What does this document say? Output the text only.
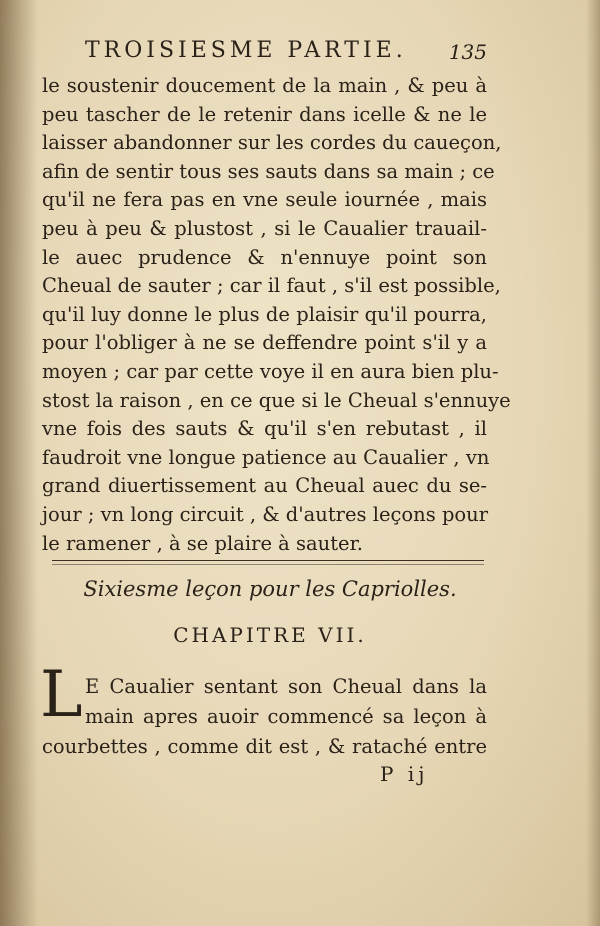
TROISIESME PARTIE. 135
le soustenir doucement de la main , & peu à
peu tascher de le retenir dans icelle & ne le
laisser abandonner sur les cordes du caueçon,
afin de sentir tous ses sauts dans sa main ; ce
qu'il ne fera pas en vne seule iournée , mais
peu à peu & plustost , si le Caualier trauail-
le auec prudence & n'ennuye point son
Cheual de sauter ; car il faut , s'il est possible,
qu'il luy donne le plus de plaisir qu'il pourra,
pour l'obliger à ne se deffendre point s'il y a
moyen ; car par cette voye il en aura bien plu-
stost la raison , en ce que si le Cheual s'ennuye
vne fois des sauts & qu'il s'en rebutast , il
faudroit vne longue patience au Caualier , vn
grand diuertissement au Cheual auec du se-
jour ; vn long circuit , & d'autres leçons pour
le ramener , à se plaire à sauter.
Sixiesme leçon pour les Capriolles.
CHAPITRE VII.
L E Caualier sentant son Cheual dans la
main apres auoir commencé sa leçon à
courbettes , comme dit est , & rataché entre
P ij
